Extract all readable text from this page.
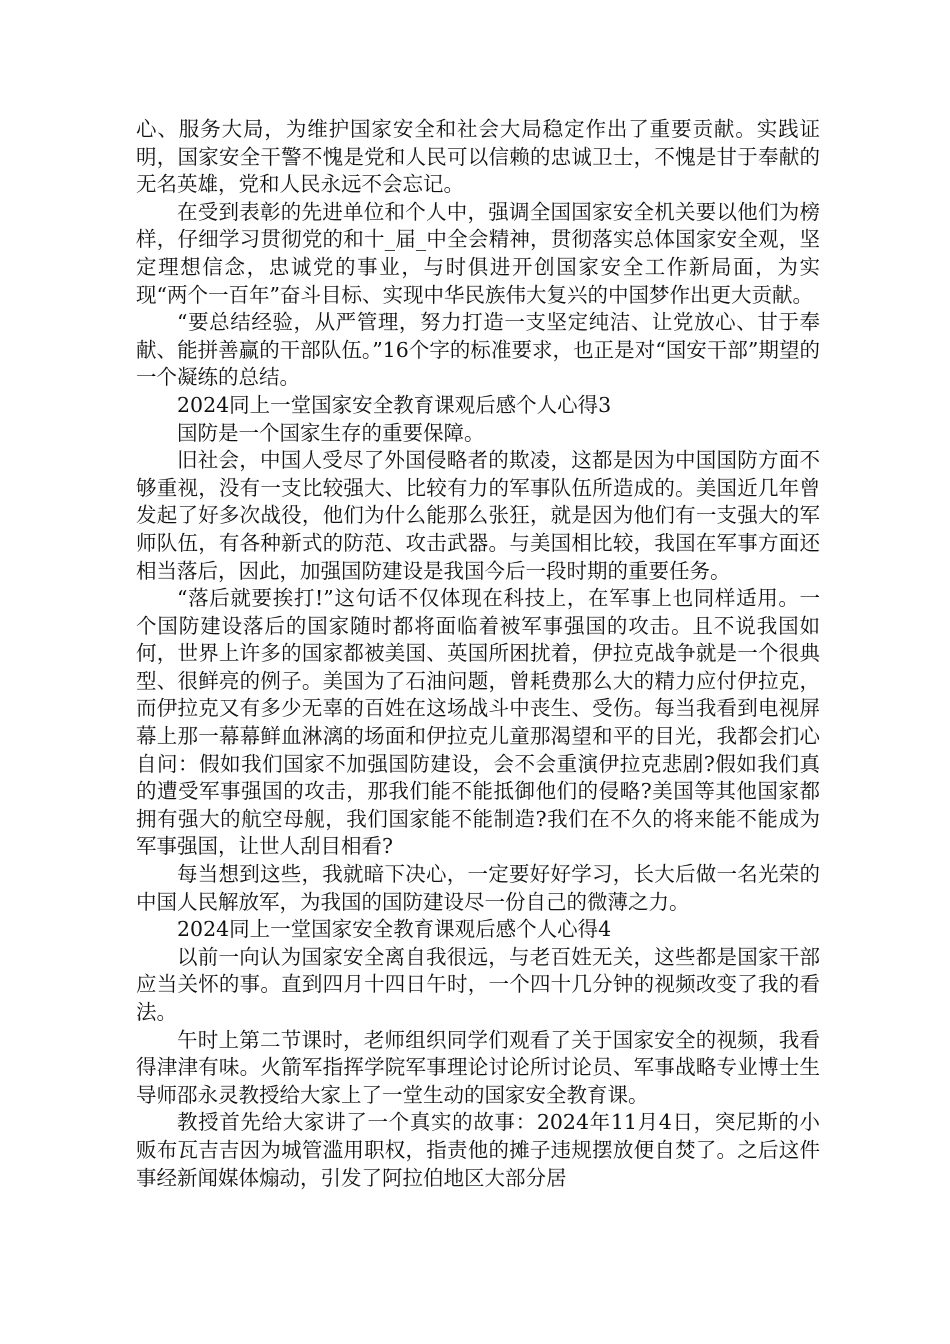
心、服务大局，为维护国家安全和社会大局稳定作出了重要贡献。实践证明，国家安全干警不愧是党和人民可以信赖的忠诚卫士，不愧是甘于奉献的无名英雄，党和人民永远不会忘记。

在受到表彰的先进单位和个人中，强调全国国家安全机关要以他们为榜样，仔细学习贯彻党的和十_届_中全会精神，贯彻落实总体国家安全观，坚定理想信念，忠诚党的事业，与时俱进开创国家安全工作新局面，为实现“两个一百年”奋斗目标、实现中华民族伟大复兴的中国梦作出更大贡献。

“要总结经验，从严管理，努力打造一支坚定纯洁、让党放心、甘于奉献、能拼善赢的干部队伍。”16个字的标准要求，也正是对“国安干部”期望的一个凝练的总结。

2024同上一堂国家安全教育课观后感个人心得3

国防是一个国家生存的重要保障。

旧社会，中国人受尽了外国侵略者的欺凌，这都是因为中国国防方面不够重视，没有一支比较强大、比较有力的军事队伍所造成的。美国近几年曾发起了好多次战役，他们为什么能那么张狂，就是因为他们有一支强大的军师队伍，有各种新式的防范、攻击武器。与美国相比较，我国在军事方面还相当落后，因此，加强国防建设是我国今后一段时期的重要任务。

“落后就要挨打!”这句话不仅体现在科技上，在军事上也同样适用。一个国防建设落后的国家随时都将面临着被军事强国的攻击。且不说我国如何，世界上许多的国家都被美国、英国所困扰着，伊拉克战争就是一个很典型、很鲜亮的例子。美国为了石油问题，曾耗费那么大的精力应付伊拉克，而伊拉克又有多少无辜的百姓在这场战斗中丧生、受伤。每当我看到电视屏幕上那一幕幕鲜血淋漓的场面和伊拉克儿童那渴望和平的目光，我都会扪心自问：假如我们国家不加强国防建设，会不会重演伊拉克悲剧?假如我们真的遭受军事强国的攻击，那我们能不能抵御他们的侵略?美国等其他国家都拥有强大的航空母舰，我们国家能不能制造?我们在不久的将来能不能成为军事强国，让世人刮目相看?

每当想到这些，我就暗下决心，一定要好好学习，长大后做一名光荣的中国人民解放军，为我国的国防建设尽一份自己的微薄之力。

2024同上一堂国家安全教育课观后感个人心得4

以前一向认为国家安全离自我很远，与老百姓无关，这些都是国家干部应当关怀的事。直到四月十四日午时，一个四十几分钟的视频改变了我的看法。

午时上第二节课时，老师组织同学们观看了关于国家安全的视频，我看得津津有味。火箭军指挥学院军事理论讨论所讨论员、军事战略专业博士生导师邵永灵教授给大家上了一堂生动的国家安全教育课。

教授首先给大家讲了一个真实的故事：2024年11月4日，突尼斯的小贩布瓦吉吉因为城管滥用职权，指责他的摊子违规摆放便自焚了。之后这件事经新闻媒体煽动，引发了阿拉伯地区大部分居
